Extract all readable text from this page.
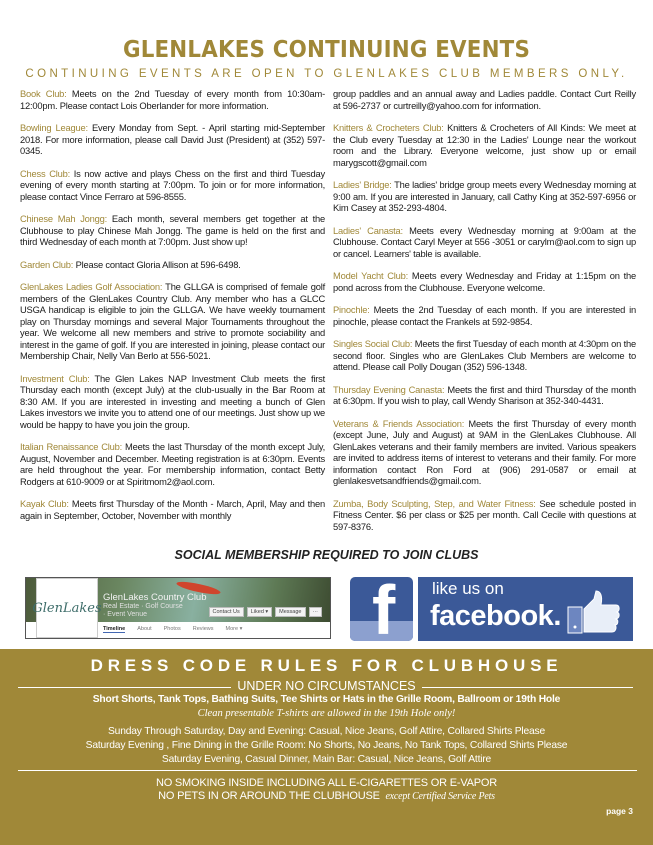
GLENLAKES CONTINUING EVENTS
CONTINUING EVENTS ARE OPEN TO GLENLAKES CLUB MEMBERS ONLY.

Book Club: Meets on the 2nd Tuesday of every month from 10:30am-12:00pm. Please contact Lois Oberlander for more information.

Bowling League: Every Monday from Sept. - April starting mid-September 2018. For more information, please call David Just (President) at (352) 597-0345.

Chess Club: Is now active and plays Chess on the first and third Tuesday evening of every month starting at 7:00pm. To join or for more information, please contact Vince Ferraro at 596-8555.

Chinese Mah Jongg: Each month, several members get together at the Clubhouse to play Chinese Mah Jongg. The game is held on the first and third Wednesday of each month at 7:00pm. Just show up!

Garden Club: Please contact Gloria Allison at 596-6498.

GlenLakes Ladies Golf Association: The GLLGA is comprised of female golf members of the GlenLakes Country Club. Any member who has a GLCC USGA handicap is eligible to join the GLLGA. We have weekly tournament play on Thursday mornings and several Major Tournaments throughout the year. We welcome all new members and strive to promote sociability and interest in the game of golf. If you are interested in joining, please contact our Membership Chair, Nelly Van Berlo at 556-5021.

Investment Club: The Glen Lakes NAP Investment Club meets the first Thursday each month (except July) at the club-usually in the Bar Room at 8:30 AM. If you are interested in investing and meeting a bunch of Glen Lakes investors we invite you to attend one of our meetings. Just show up we would be happy to have you join the group.

Italian Renaissance Club: Meets the last Thursday of the month except July, August, November and December. Meeting registration is at 6:30pm. Events are held throughout the year. For membership information, contact Betty Rodgers at 610-9009 or at Spiritmom2@aol.com.

Kayak Club: Meets first Thursday of the Month - March, April, May and then again in September, October, November with monthly

group paddles and an annual away and Ladies paddle. Contact Curt Reilly at 596-2737 or curtreilly@yahoo.com for information.

Knitters & Crocheters Club: Knitters & Crocheters of All Kinds: We meet at the Club every Tuesday at 12:30 in the Ladies' Lounge near the workout room and the Library. Everyone welcome, just show up or email marygscott@gmail.com

Ladies' Bridge: The ladies' bridge group meets every Wednesday morning at 9:00 am. If you are interested in January, call Cathy King at 352-597-6956 or Kim Casey at 352-293-4804.

Ladies' Canasta: Meets every Wednesday morning at 9:00am at the Clubhouse. Contact Caryl Meyer at 556 -3051 or carylm@aol.com to sign up or cancel. Learners' table is available.

Model Yacht Club: Meets every Wednesday and Friday at 1:15pm on the pond across from the Clubhouse. Everyone welcome.

Pinochle: Meets the 2nd Tuesday of each month. If you are interested in pinochle, please contact the Frankels at 592-9854.

Singles Social Club: Meets the first Tuesday of each month at 4:30pm on the second floor. Singles who are GlenLakes Club Members are welcome to attend. Please call Polly Dougan (352) 596-1348.

Thursday Evening Canasta: Meets the first and third Thursday of the month at 6:30pm. If you wish to play, call Wendy Sharison at 352-340-4431.

Veterans & Friends Association: Meets the first Thursday of every month (except June, July and August) at 9AM in the GlenLakes Clubhouse. All GlenLakes veterans and their family members are invited. Various speakers are invited to address items of interest to veterans and their family. For more information contact Ron Ford at (906) 291-0587 or email at glenlakesvetsandfriends@gmail.com.

Zumba, Body Sculpting, Step, and Water Fitness: See schedule posted in Fitness Center. $6 per class or $25 per month. Call Cecile with questions at 597-8376.

SOCIAL MEMBERSHIP REQUIRED TO JOIN CLUBS
GlenLakes
GlenLakes Country Club
Real Estate · Golf Course · Event Venue	Contact Us	Liked ▾	Message	···
Timeline About Photos Reviews More ▾ f like us on
facebook.
DRESS CODE RULES FOR CLUBHOUSE
UNDER NO CIRCUMSTANCES
Short Shorts, Tank Tops, Bathing Suits, Tee Shirts or Hats in the Grille Room, Ballroom or 19th Hole
Clean presentable T-shirts are allowed in the 19th Hole only!
Sunday Through Saturday, Day and Evening: Casual, Nice Jeans, Golf Attire, Collared Shirts Please
Saturday Evening , Fine Dining in the Grille Room: No Shorts, No Jeans, No Tank Tops, Collared Shirts Please
Saturday Evening, Casual Dinner, Main Bar: Casual, Nice Jeans, Golf Attire
NO SMOKING INSIDE INCLUDING ALL E-CIGARETTES OR E-VAPOR
NO PETS IN OR AROUND THE CLUBHOUSE except Certified Service Pets
page 3
